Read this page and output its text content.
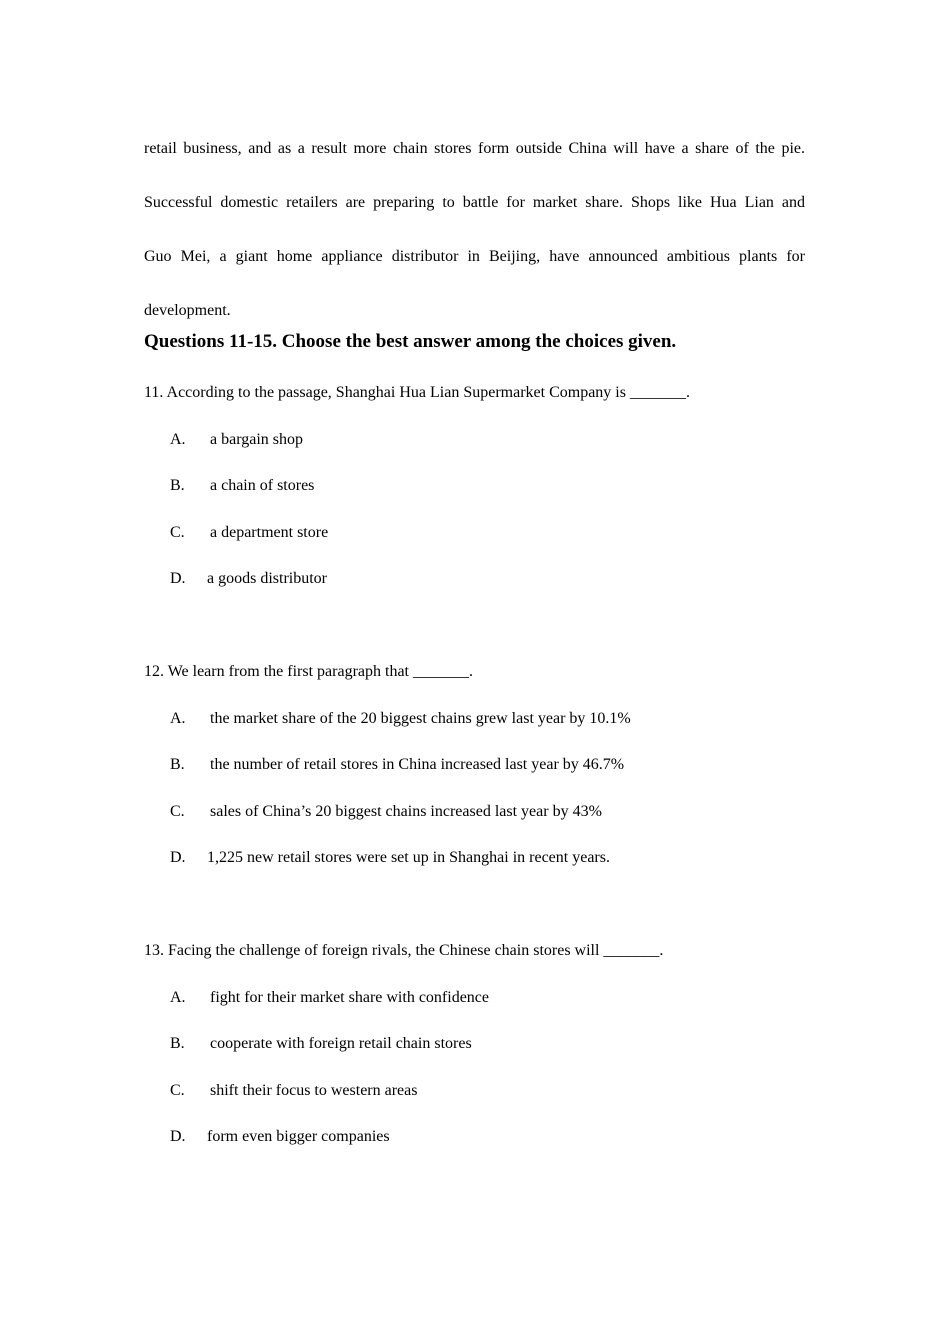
retail business, and as a result more chain stores form outside China will have a share of the pie.
Successful domestic retailers are preparing to battle for market share. Shops like Hua Lian and
Guo Mei, a giant home appliance distributor in Beijing, have announced ambitious plants for
development.
Questions 11-15. Choose the best answer among the choices given.
11. According to the passage, Shanghai Hua Lian Supermarket Company is _______.
A. a bargain shop
B. a chain of stores
C. a department store
D. a goods distributor
12. We learn from the first paragraph that _______.
A. the market share of the 20 biggest chains grew last year by 10.1%
B. the number of retail stores in China increased last year by 46.7%
C. sales of China’s 20 biggest chains increased last year by 43%
D. 1,225 new retail stores were set up in Shanghai in recent years.
13. Facing the challenge of foreign rivals, the Chinese chain stores will _______.
A. fight for their market share with confidence
B. cooperate with foreign retail chain stores
C. shift their focus to western areas
D. form even bigger companies
